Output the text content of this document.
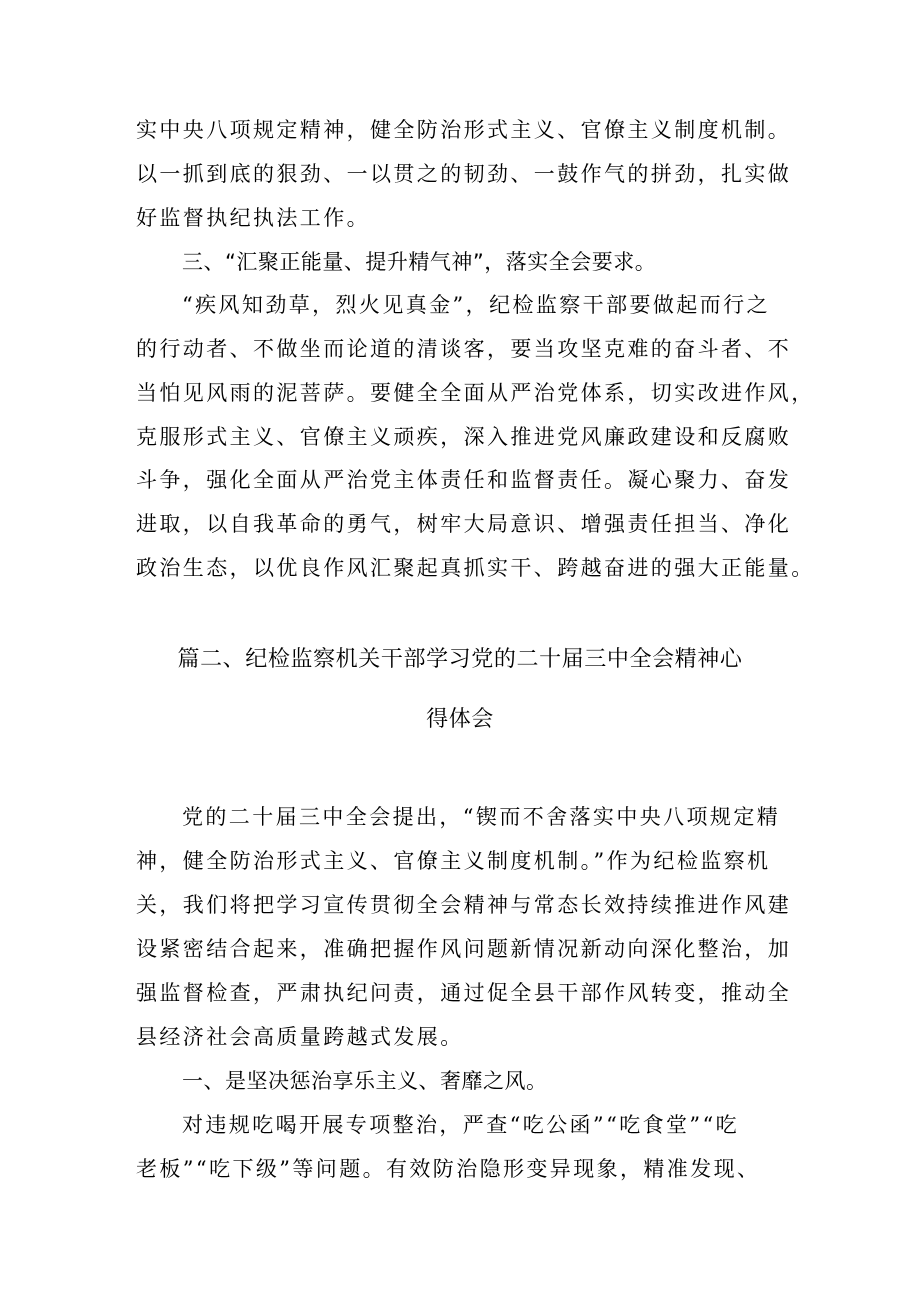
实中央八项规定精神，健全防治形式主义、官僚主义制度机制。
以一抓到底的狠劲、一以贯之的韧劲、一鼓作气的拼劲，扎实做
好监督执纪执法工作。
三、“汇聚正能量、提升精气神”，落实全会要求。
“疾风知劲草，烈火见真金”，纪检监察干部要做起而行之
的行动者、不做坐而论道的清谈客，要当攻坚克难的奋斗者、不
当怕见风雨的泥菩萨。要健全全面从严治党体系，切实改进作风，
克服形式主义、官僚主义顽疾，深入推进党风廉政建设和反腐败
斗争，强化全面从严治党主体责任和监督责任。凝心聚力、奋发
进取，以自我革命的勇气，树牢大局意识、增强责任担当、净化
政治生态，以优良作风汇聚起真抓实干、跨越奋进的强大正能量。
篇二、纪检监察机关干部学习党的二十届三中全会精神心
得体会
党的二十届三中全会提出，“锲而不舍落实中央八项规定精
神，健全防治形式主义、官僚主义制度机制。”作为纪检监察机
关，我们将把学习宣传贯彻全会精神与常态长效持续推进作风建
设紧密结合起来，准确把握作风问题新情况新动向深化整治，加
强监督检查，严肃执纪问责，通过促全县干部作风转变，推动全
县经济社会高质量跨越式发展。
一、是坚决惩治享乐主义、奢靡之风。
对违规吃喝开展专项整治，严查“吃公函”“吃食堂”“吃
老板”“吃下级”等问题。有效防治隐形变异现象，精准发现、
